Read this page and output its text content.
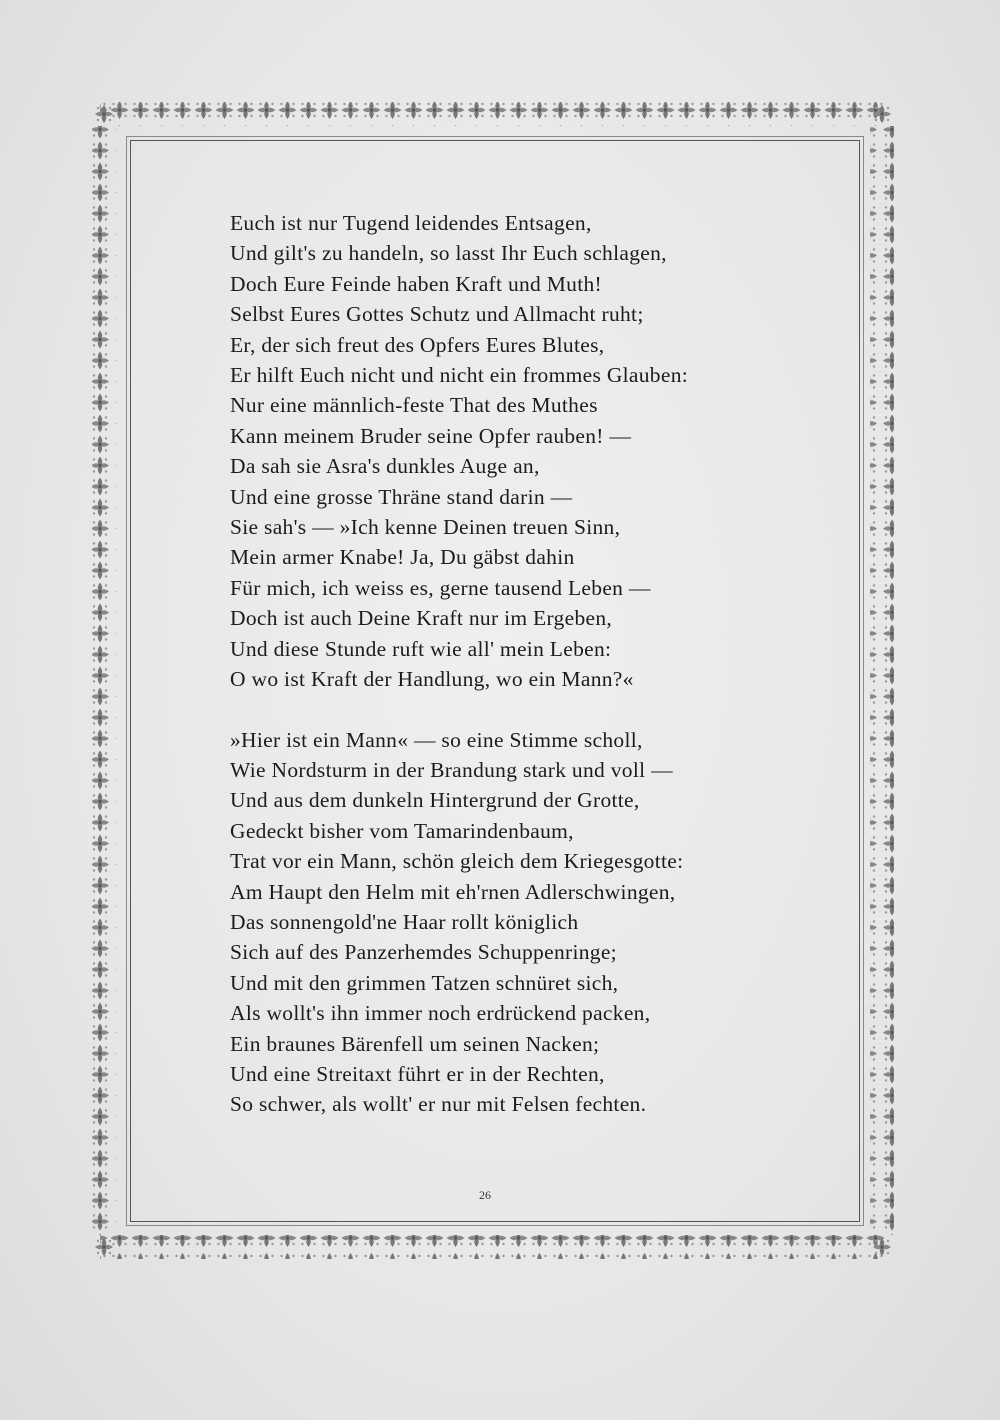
Euch ist nur Tugend leidendes Entsagen,
Und gilt's zu handeln, so lasst Ihr Euch schlagen,
Doch Eure Feinde haben Kraft und Muth!
Selbst Eures Gottes Schutz und Allmacht ruht;
Er, der sich freut des Opfers Eures Blutes,
Er hilft Euch nicht und nicht ein frommes Glauben:
Nur eine männlich-feste That des Muthes
Kann meinem Bruder seine Opfer rauben! —
Da sah sie Asra's dunkles Auge an,
Und eine grosse Thräne stand darin —
Sie sah's — »Ich kenne Deinen treuen Sinn,
Mein armer Knabe! Ja, Du gäbst dahin
Für mich, ich weiss es, gerne tausend Leben —
Doch ist auch Deine Kraft nur im Ergeben,
Und diese Stunde ruft wie all' mein Leben:
O wo ist Kraft der Handlung, wo ein Mann?«
»Hier ist ein Mann« — so eine Stimme scholl,
Wie Nordsturm in der Brandung stark und voll —
Und aus dem dunkeln Hintergrund der Grotte,
Gedeckt bisher vom Tamarindenbaum,
Trat vor ein Mann, schön gleich dem Kriegesgotte:
Am Haupt den Helm mit eh'rnen Adlerschwingen,
Das sonnengold'ne Haar rollt königlich
Sich auf des Panzerhemdes Schuppenringe;
Und mit den grimmen Tatzen schnüret sich,
Als wollt's ihn immer noch erdrückend packen,
Ein braunes Bärenfell um seinen Nacken;
Und eine Streitaxt führt er in der Rechten,
So schwer, als wollt' er nur mit Felsen fechten.
26
